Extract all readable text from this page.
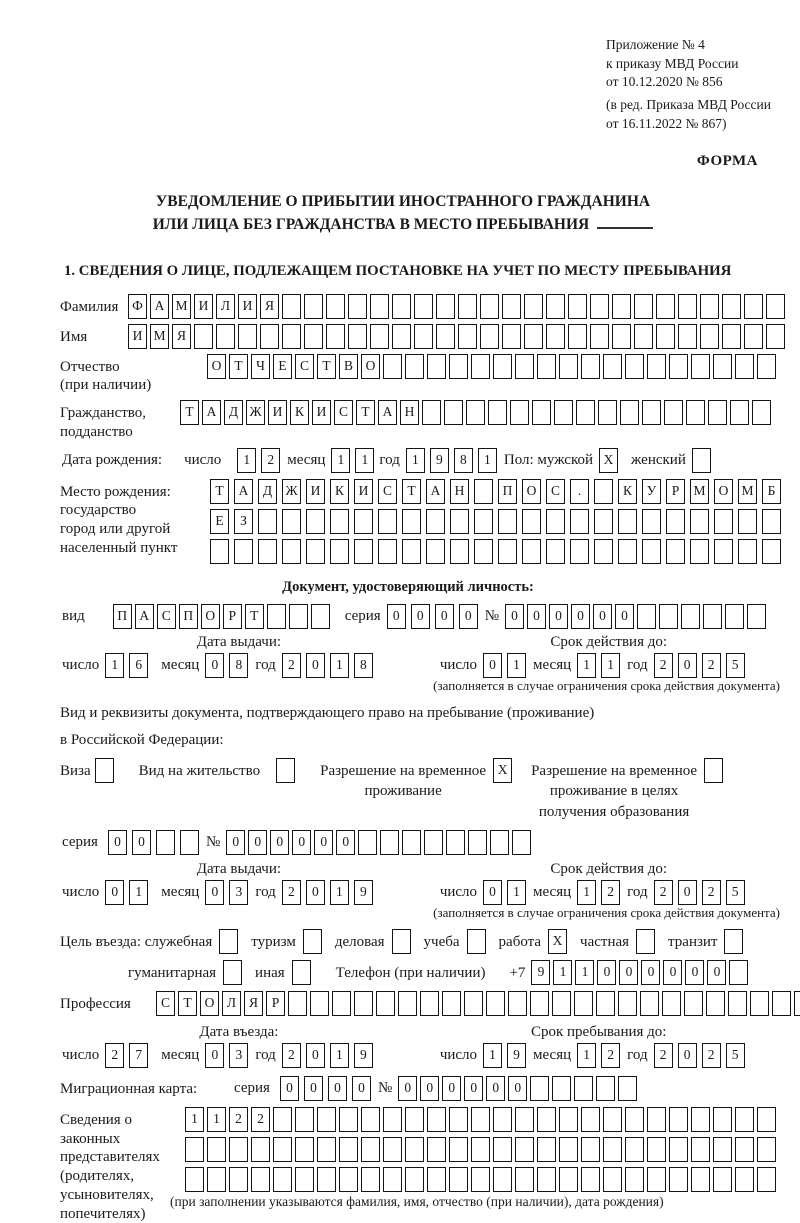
Приложение № 4
к приказу МВД России
от 10.12.2020 № 856
(в ред. Приказа МВД России
от 16.11.2022 № 867)
ФОРМА
УВЕДОМЛЕНИЕ О ПРИБЫТИИ ИНОСТРАННОГО ГРАЖДАНИНА
ИЛИ ЛИЦА БЕЗ ГРАЖДАНСТВА В МЕСТО ПРЕБЫВАНИЯ
1. СВЕДЕНИЯ О ЛИЦЕ, ПОДЛЕЖАЩЕМ ПОСТАНОВКЕ НА УЧЕТ ПО МЕСТУ ПРЕБЫВАНИЯ
Фамилия	Ф А М И Л И Я
Имя	И М Я
Отчество
(при наличии)
О Т Ч Е С Т В О
Гражданство,
подданство
Т А Д Ж И К И С Т А Н
Дата рождения:	число	1 2 месяц 1 1 год 1 9 8 1 Пол: мужской X	женский
Место рождения:
государство
город или другой
населенный пункт
Т А Д Ж И К И С Т А Н	П О С .	К У Р М О М Б
Е З
Документ, удостоверяющий личность:
вид	П А С П О Р Т	серия 0 0 0 0 № 0 0 0 0 0 0
Дата выдачи:
число 1 6	месяц 0 8 год 2 0 1 8
Срок действия до:
число 0 1 месяц 1 1 год 2 0 2 5
(заполняется в случае ограничения срока действия документа)
Вид и реквизиты документа, подтверждающего право на пребывание (проживание)
в Российской Федерации:
Виза	Вид на жительство	Разрешение на временное
проживание
X	Разрешение на временное
проживание в целях
получения образования
серия	0 0	№ 0 0 0 0 0 0
Дата выдачи:
число 0 1	месяц 0 3 год 2 0 1 9
Срок действия до:
число 0 1 месяц 1 2 год 2 0 2 5
(заполняется в случае ограничения срока действия документа)
Цель въезда: служебная	туризм	деловая	учеба	работа X	частная	транзит
гуманитарная	иная	Телефон (при наличии)	+7 9 1 1 0 0 0 0 0 0
Профессия	С Т О Л Я Р
Дата въезда:
число 2 7	месяц 0 3 год 2 0 1 9
Срок пребывания до:
число 1 9 месяц 1 2 год 2 0 2 5
Миграционная карта:	серия	0 0 0 0 № 0 0 0 0 0 0
Сведения о
законных
представителях
(родителях,
усыновителях,
попечителях)
1 1 2 2
(при заполнении указываются фамилия, имя, отчество (при наличии), дата рождения)
